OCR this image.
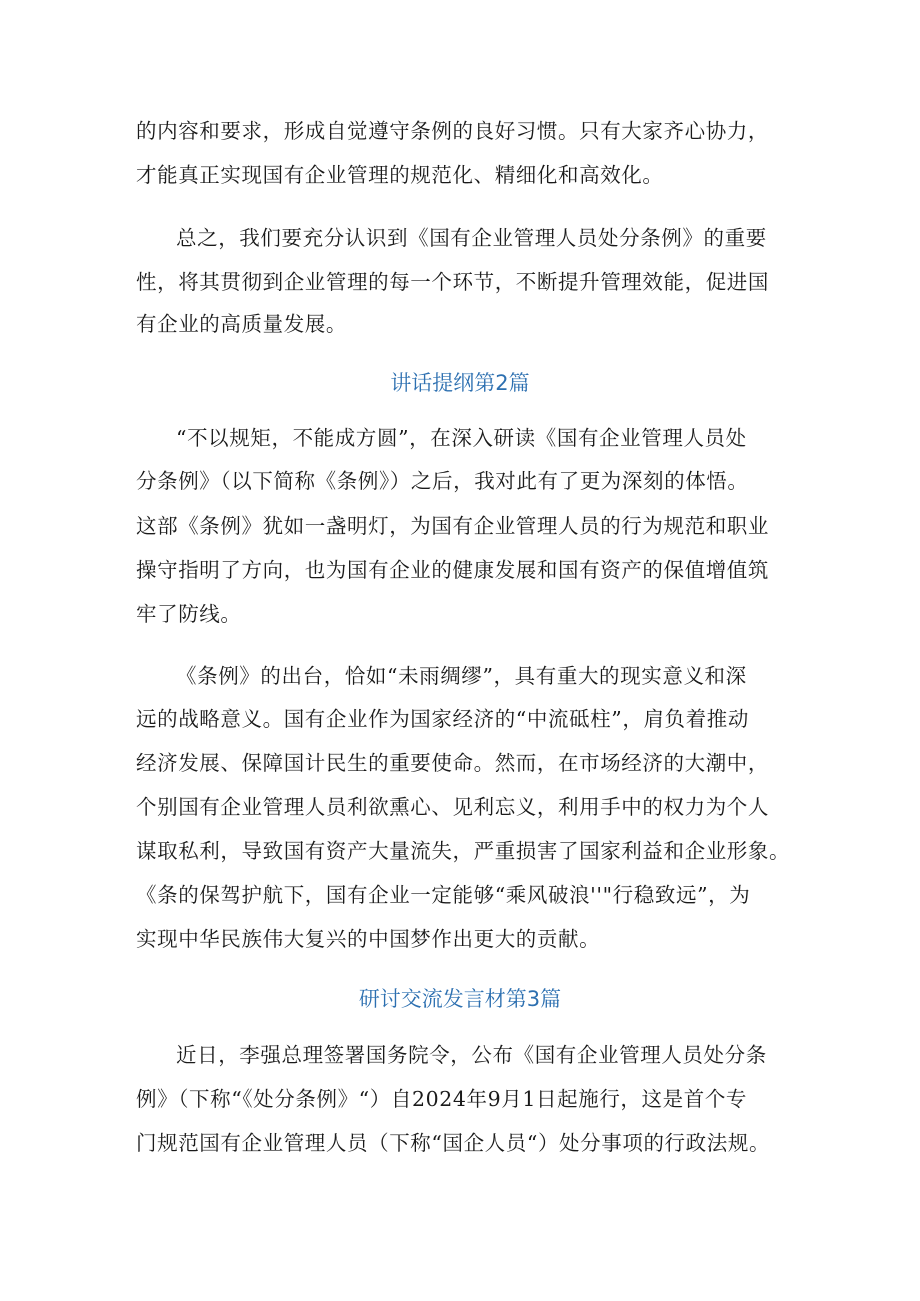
的内容和要求，形成自觉遵守条例的良好习惯。只有大家齐心协力，
才能真正实现国有企业管理的规范化、精细化和高效化。
总之，我们要充分认识到《国有企业管理人员处分条例》的重要
性，将其贯彻到企业管理的每一个环节，不断提升管理效能，促进国
有企业的高质量发展。
讲话提纲第2篇
“不以规矩，不能成方圆”，在深入研读《国有企业管理人员处
分条例》（以下简称《条例》）之后，我对此有了更为深刻的体悟。
这部《条例》犹如一盏明灯，为国有企业管理人员的行为规范和职业
操守指明了方向，也为国有企业的健康发展和国有资产的保值增值筑
牢了防线。
《条例》的出台，恰如“未雨绸缪”，具有重大的现实意义和深
远的战略意义。国有企业作为国家经济的“中流砥柱”，肩负着推动
经济发展、保障国计民生的重要使命。然而，在市场经济的大潮中，
个别国有企业管理人员利欲熏心、见利忘义，利用手中的权力为个人
谋取私利，导致国有资产大量流失，严重损害了国家利益和企业形象。
《条的保驾护航下，国有企业一定能够“乘风破浪''"行稳致远”，为
实现中华民族伟大复兴的中国梦作出更大的贡献。
研讨交流发言材第3篇
近日，李强总理签署国务院令，公布《国有企业管理人员处分条
例》（下称“《处分条例》“）自2024年9月1日起施行，这是首个专
门规范国有企业管理人员（下称“国企人员“）处分事项的行政法规。
